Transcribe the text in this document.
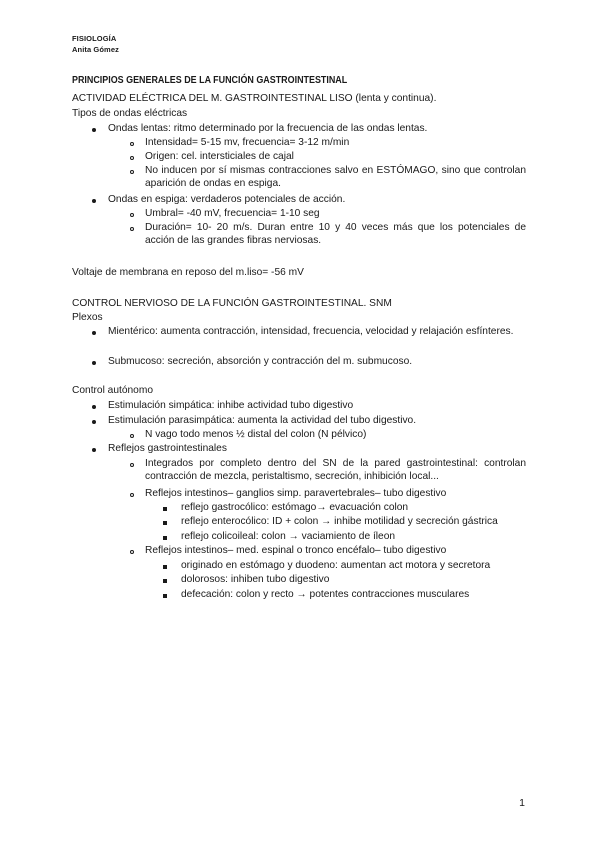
FISIOLOGÍA
Anita Gómez
PRINCIPIOS GENERALES DE LA FUNCIÓN GASTROINTESTINAL
ACTIVIDAD ELÉCTRICA DEL M. GASTROINTESTINAL LISO (lenta y continua).
Tipos de ondas eléctricas
Ondas lentas: ritmo determinado por la frecuencia de las ondas lentas.
Intensidad= 5-15 mv, frecuencia= 3-12 m/min
Origen: cel. intersticiales de cajal
No inducen por sí mismas contracciones salvo en ESTÓMAGO, sino que controlan aparición de ondas en espiga.
Ondas en espiga: verdaderos potenciales de acción.
Umbral= -40 mV, frecuencia= 1-10 seg
Duración= 10- 20 m/s. Duran entre 10 y 40 veces más que los potenciales de acción de las grandes fibras nerviosas.
Voltaje de membrana en reposo del m.liso= -56 mV
CONTROL NERVIOSO DE LA FUNCIÓN GASTROINTESTINAL. SNM
Plexos
Mientérico: aumenta contracción, intensidad, frecuencia, velocidad y relajación esfínteres.
Submucoso: secreción, absorción y contracción del m. submucoso.
Control autónomo
Estimulación simpática: inhibe actividad tubo digestivo
Estimulación parasimpática: aumenta la actividad del tubo digestivo.
N vago todo menos ½ distal del colon (N pélvico)
Reflejos gastrointestinales
Integrados por completo dentro del SN de la pared gastrointestinal: controlan contracción de mezcla, peristaltismo, secreción, inhibición local...
Reflejos intestinos– ganglios simp. paravertebrales– tubo digestivo
reflejo gastrocólico: estómago→ evacuación colon
reflejo enterocólico: ID + colon → inhibe motilidad y secreción gástrica
reflejo colicoileal: colon → vaciamiento de íleon
Reflejos intestinos– med. espinal o tronco encéfalo– tubo digestivo
originado en estómago y duodeno: aumentan act motora y secretora
dolorosos: inhiben tubo digestivo
defecación: colon y recto → potentes contracciones musculares
1
